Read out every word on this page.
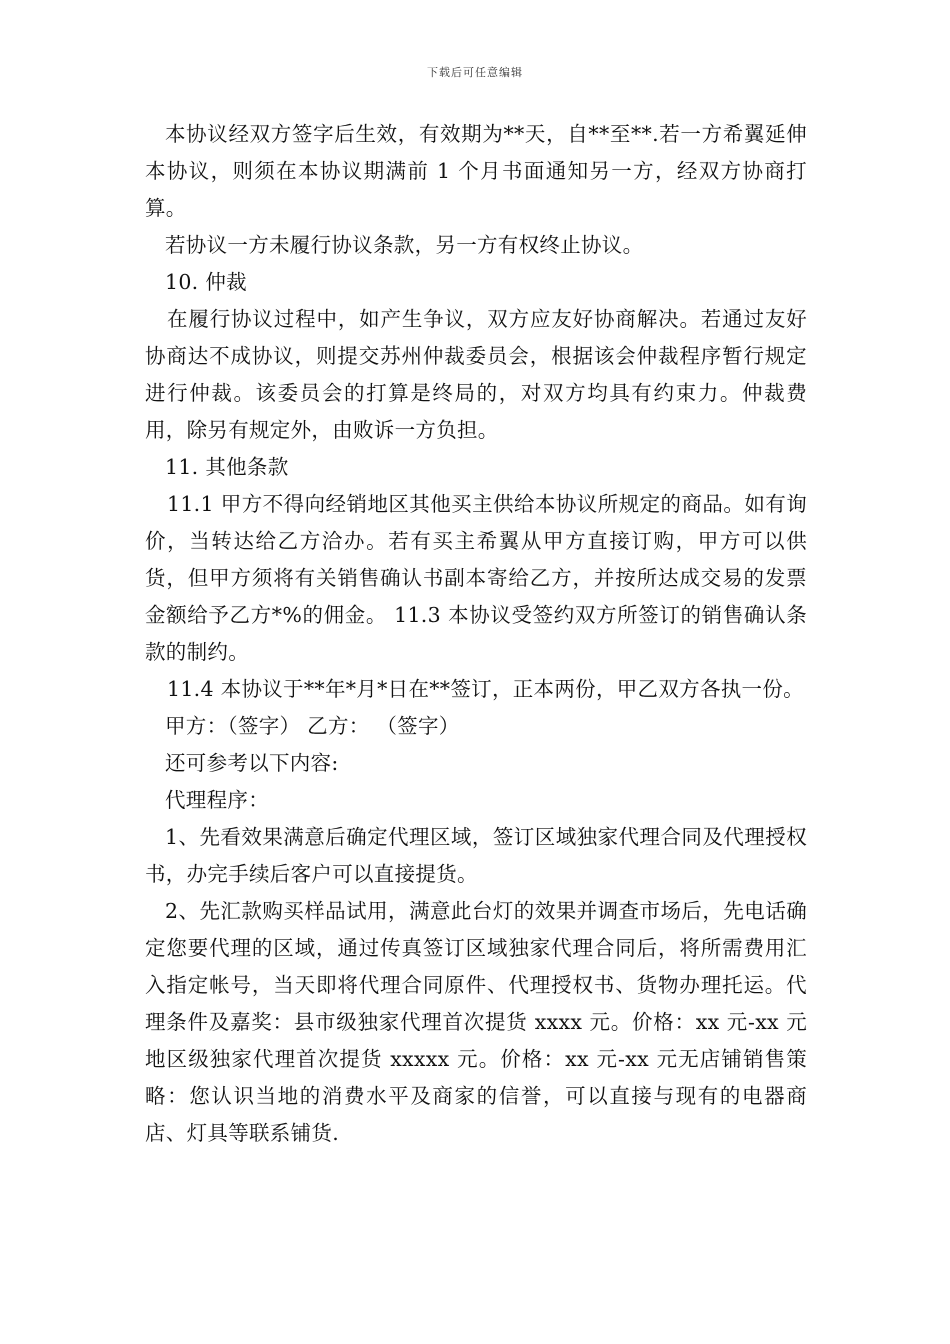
下载后可任意编辑

本协议经双方签字后生效，有效期为**天，自**至**.若一方希翼延伸本协议，则须在本协议期满前 1 个月书面通知另一方，经双方协商打算。

若协议一方未履行协议条款，另一方有权终止协议。

10. 仲裁

在履行协议过程中，如产生争议，双方应友好协商解决。若通过友好协商达不成协议，则提交苏州仲裁委员会，根据该会仲裁程序暂行规定进行仲裁。该委员会的打算是终局的，对双方均具有约束力。仲裁费用，除另有规定外，由败诉一方负担。

11. 其他条款

11.1 甲方不得向经销地区其他买主供给本协议所规定的商品。如有询价，当转达给乙方洽办。若有买主希翼从甲方直接订购，甲方可以供货，但甲方须将有关销售确认书副本寄给乙方，并按所达成交易的发票金额给予乙方*%的佣金。 11.3 本协议受签约双方所签订的销售确认条款的制约。

11.4 本协议于**年*月*日在**签订，正本两份，甲乙双方各执一份。

甲方：（签字） 乙方： （签字）

还可参考以下内容:

代理程序：

1、先看效果满意后确定代理区域，签订区域独家代理合同及代理授权书，办完手续后客户可以直接提货。

2、先汇款购买样品试用，满意此台灯的效果并调查市场后，先电话确定您要代理的区域，通过传真签订区域独家代理合同后，将所需费用汇入指定帐号，当天即将代理合同原件、代理授权书、货物办理托运。代理条件及嘉奖：县市级独家代理首次提货 xxxx 元。价格：xx 元-xx 元地区级独家代理首次提货 xxxxx 元。价格：xx 元-xx 元无店铺销售策略：您认识当地的消费水平及商家的信誉，可以直接与现有的电器商店、灯具等联系铺货.
